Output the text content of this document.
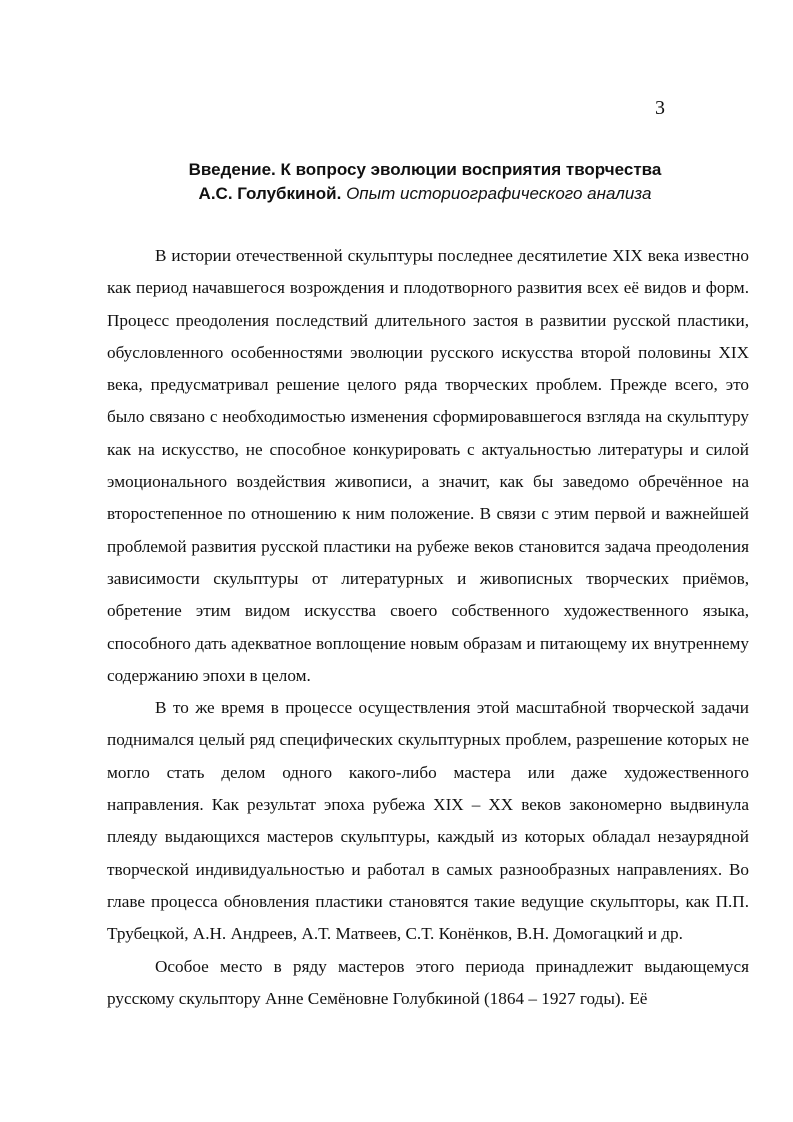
3
Введение. К вопросу эволюции восприятия творчества
А.С. Голубкиной. Опыт историографического анализа

В истории отечественной скульптуры последнее десятилетие XIX века известно как период начавшегося возрождения и плодотворного развития всех её видов и форм. Процесс преодоления последствий длительного застоя в развитии русской пластики, обусловленного особенностями эволюции русского искусства второй половины XIX века, предусматривал решение целого ряда творческих проблем. Прежде всего, это было связано с необходимостью изменения сформировавшегося взгляда на скульптуру как на искусство, не способное конкурировать с актуальностью литературы и силой эмоционального воздействия живописи, а значит, как бы заведомо обречённое на второстепенное по отношению к ним положение. В связи с этим первой и важнейшей проблемой развития русской пластики на рубеже веков становится задача преодоления зависимости скульптуры от литературных и живописных творческих приёмов, обретение этим видом искусства своего собственного художественного языка, способного дать адекватное воплощение новым образам и питающему их внутреннему содержанию эпохи в целом.

В то же время в процессе осуществления этой масштабной творческой задачи поднимался целый ряд специфических скульптурных проблем, разрешение которых не могло стать делом одного какого-либо мастера или даже художественного направления. Как результат эпоха рубежа XIX – XX веков закономерно выдвинула плеяду выдающихся мастеров скульптуры, каждый из которых обладал незаурядной творческой индивидуальностью и работал в самых разнообразных направлениях. Во главе процесса обновления пластики становятся такие ведущие скульпторы, как П.П. Трубецкой, А.Н. Андреев, А.Т. Матвеев, С.Т. Конёнков, В.Н. Домогацкий и др.

Особое место в ряду мастеров этого периода принадлежит выдающемуся русскому скульптору Анне Семёновне Голубкиной (1864 – 1927 годы). Её
